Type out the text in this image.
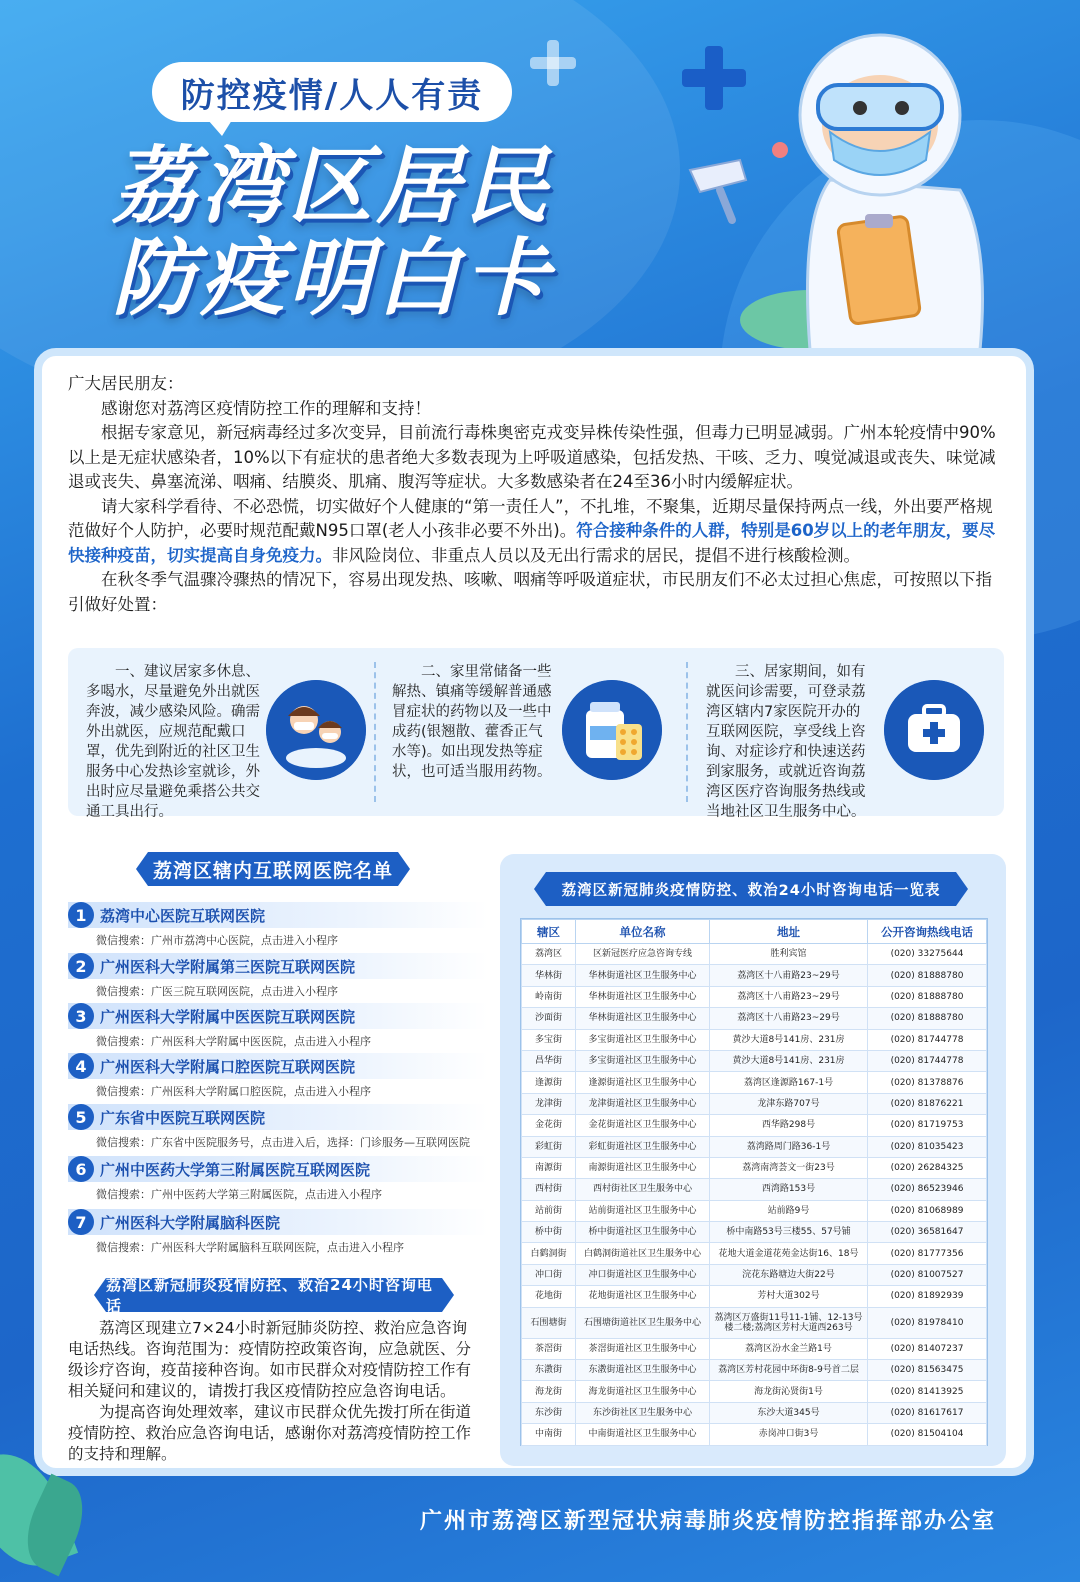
防控疫情/人人有责
荔湾区居民
防疫明白卡

广大居民朋友：

感谢您对荔湾区疫情防控工作的理解和支持！

根据专家意见，新冠病毒经过多次变异，目前流行毒株奥密克戎变异株传染性强，但毒力已明显减弱。广州本轮疫情中90%以上是无症状感染者，10%以下有症状的患者绝大多数表现为上呼吸道感染，包括发热、干咳、乏力、嗅觉减退或丧失、味觉减退或丧失、鼻塞流涕、咽痛、结膜炎、肌痛、腹泻等症状。大多数感染者在24至36小时内缓解症状。

请大家科学看待、不必恐慌，切实做好个人健康的“第一责任人”，不扎堆，不聚集，近期尽量保持两点一线，外出要严格规范做好个人防护，必要时规范配戴N95口罩(老人小孩非必要不外出)。符合接种条件的人群，特别是60岁以上的老年朋友，要尽快接种疫苗，切实提高自身免疫力。非风险岗位、非重点人员以及无出行需求的居民，提倡不进行核酸检测。

在秋冬季气温骤冷骤热的情况下，容易出现发热、咳嗽、咽痛等呼吸道症状，市民朋友们不必太过担心焦虑，可按照以下指引做好处置：

一、建议居家多休息、多喝水，尽量避免外出就医奔波，减少感染风险。确需外出就医，应规范配戴口罩，优先到附近的社区卫生服务中心发热诊室就诊，外出时应尽量避免乘搭公共交通工具出行。
二、家里常储备一些解热、镇痛等缓解普通感冒症状的药物以及一些中成药(银翘散、藿香正气水等)。如出现发热等症状，也可适当服用药物。
三、居家期间，如有就医问诊需要，可登录荔湾区辖内7家医院开办的互联网医院，享受线上咨询、对症诊疗和快速送药到家服务，或就近咨询荔湾区医疗咨询服务热线或当地社区卫生服务中心。
荔湾区辖内互联网医院名单
1 荔湾中心医院互联网医院
微信搜索：广州市荔湾中心医院，点击进入小程序
2 广州医科大学附属第三医院互联网医院
微信搜索：广医三院互联网医院，点击进入小程序
3 广州医科大学附属中医医院互联网医院
微信搜索：广州医科大学附属中医医院，点击进入小程序
4 广州医科大学附属口腔医院互联网医院
微信搜索：广州医科大学附属口腔医院，点击进入小程序
5 广东省中医院互联网医院
微信搜索：广东省中医院服务号，点击进入后，选择：门诊服务—互联网医院
6 广州中医药大学第三附属医院互联网医院
微信搜索：广州中医药大学第三附属医院，点击进入小程序
7 广州医科大学附属脑科医院
微信搜索：广州医科大学附属脑科互联网医院，点击进入小程序
荔湾区新冠肺炎疫情防控、救治24小时咨询电话

荔湾区现建立7×24小时新冠肺炎防控、救治应急咨询电话热线。咨询范围为：疫情防控政策咨询，应急就医、分级诊疗咨询，疫苗接种咨询。如市民群众对疫情防控工作有相关疑问和建议的，请拨打我区疫情防控应急咨询电话。

为提高咨询处理效率，建议市民群众优先拨打所在街道疫情防控、救治应急咨询电话，感谢你对荔湾疫情防控工作的支持和理解。

荔湾区新冠肺炎疫情防控、救治24小时咨询电话一览表
辖区	单位名称	地址	公开咨询热线电话
荔湾区	区新冠医疗应急咨询专线	胜利宾馆	(020) 33275644
华林街	华林街道社区卫生服务中心	荔湾区十八甫路23~29号	(020) 81888780
岭南街	华林街道社区卫生服务中心	荔湾区十八甫路23~29号	(020) 81888780
沙面街	华林街道社区卫生服务中心	荔湾区十八甫路23~29号	(020) 81888780
多宝街	多宝街道社区卫生服务中心	黄沙大道8号141房、231房	(020) 81744778
昌华街	多宝街道社区卫生服务中心	黄沙大道8号141房、231房	(020) 81744778
逢源街	逢源街道社区卫生服务中心	荔湾区逢源路167-1号	(020) 81378876
龙津街	龙津街道社区卫生服务中心	龙津东路707号	(020) 81876221
金花街	金花街道社区卫生服务中心	西华路298号	(020) 81719753
彩虹街	彩虹街道社区卫生服务中心	荔湾路周门路36-1号	(020) 81035423
南源街	南源街道社区卫生服务中心	荔湾南湾荟文一街23号	(020) 26284325
西村街	西村街社区卫生服务中心	西湾路153号	(020) 86523946
站前街	站前街道社区卫生服务中心	站前路9号	(020) 81068989
桥中街	桥中街道社区卫生服务中心	桥中南路53号三楼55、57号铺	(020) 36581647
白鹤洞街	白鹤洞街道社区卫生服务中心	花地大道金道花苑金达街16、18号	(020) 81777356
冲口街	冲口街道社区卫生服务中心	浣花东路塘边大街22号	(020) 81007527
花地街	花地街道社区卫生服务中心	芳村大道302号	(020) 81892939
石围塘街	石围塘街道社区卫生服务中心	荔湾区万盛街11号11-1铺、12-13号楼二楼;荔湾区芳村大道西263号	(020) 81978410
茶滘街	茶滘街道社区卫生服务中心	荔湾区汾水金兰路1号	(020) 81407237
东漖街	东漖街道社区卫生服务中心	荔湾区芳村花园中环街8-9号首二层	(020) 81563475
海龙街	海龙街道社区卫生服务中心	海龙街沁贤街1号	(020) 81413925
东沙街	东沙街社区卫生服务中心	东沙大道345号	(020) 81617617
中南街	中南街道社区卫生服务中心	赤岗冲口街3号	(020) 81504104
广州市荔湾区新型冠状病毒肺炎疫情防控指挥部办公室
